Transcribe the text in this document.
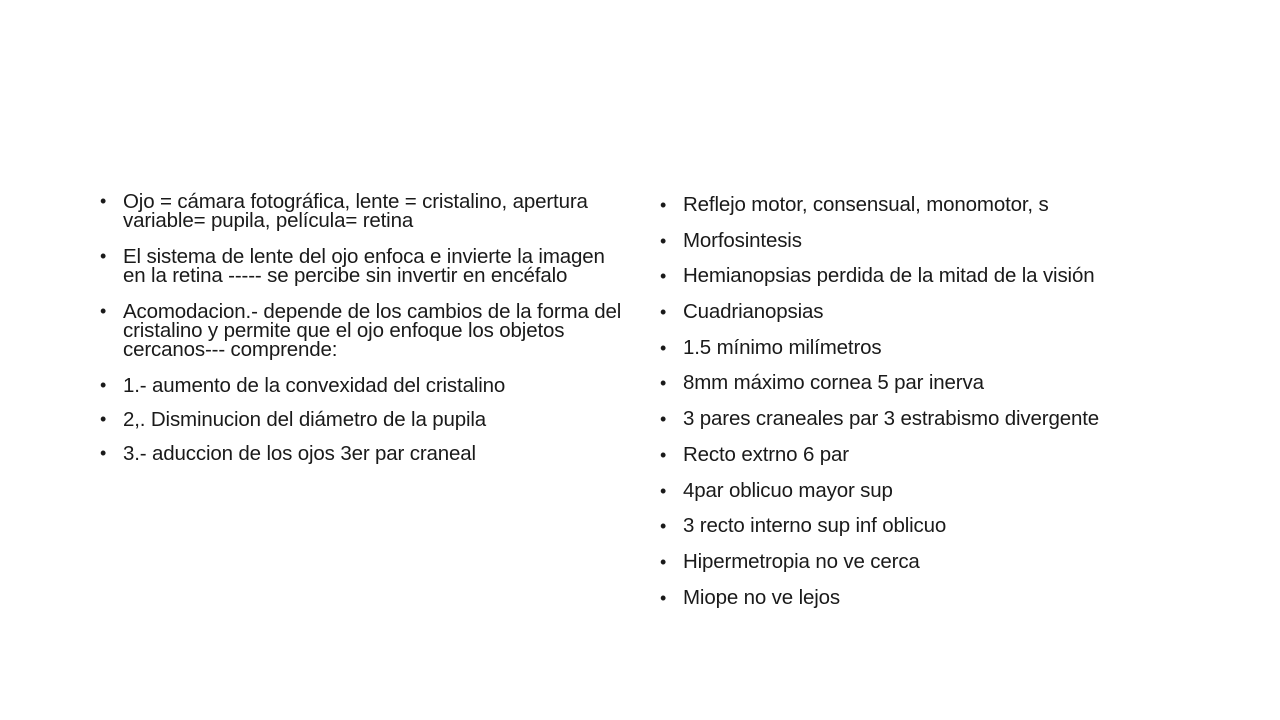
• Ojo = cámara fotográfica, lente = cristalino, apertura variable= pupila, película= retina
• El sistema de lente del ojo enfoca e invierte la imagen en la retina ----- se percibe sin invertir en encéfalo
• Acomodacion.- depende de los cambios de la forma del cristalino y permite que el ojo enfoque los objetos cercanos--- comprende:
• 1.- aumento de la convexidad del cristalino
• 2,. Disminucion del diámetro de la pupila
• 3.- aduccion de los ojos 3er par craneal
• Reflejo motor, consensual, monomotor, s
• Morfosintesis
• Hemianopsias perdida de la mitad de la visión
• Cuadrianopsias
• 1.5 mínimo milímetros
• 8mm máximo cornea 5 par inerva
• 3 pares craneales par 3 estrabismo divergente
• Recto extrno 6 par
• 4par oblicuo mayor sup
• 3 recto interno sup inf oblicuo
• Hipermetropia no ve cerca
• Miope no ve lejos
